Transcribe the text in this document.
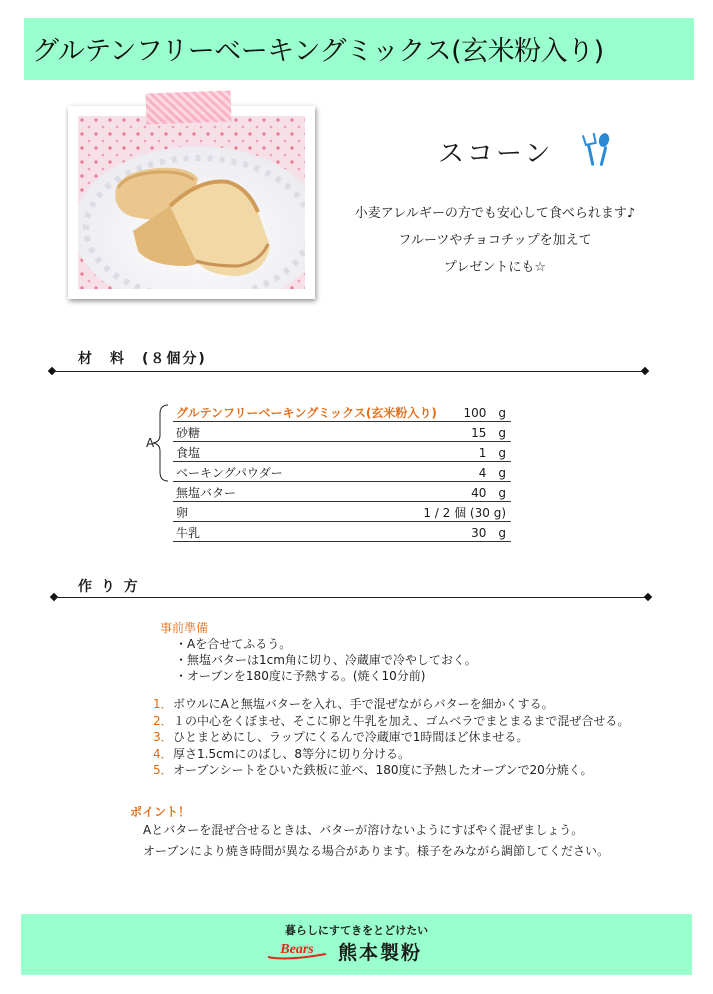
グルテンフリーベーキングミックス(玄米粉入り)
スコーン
小麦アレルギーの方でも安心して食べられます♪
フルーツやチョコチップを加えて
プレゼントにも☆
材　料　(８個分)
A
グルテンフリーベーキングミックス(玄米粉入り)	100　g
砂糖	15　g
食塩	1　g
ベーキングパウダー	4　g
無塩バター	40　g
卵	1 / 2 個 (30 g)
牛乳	30　g
作 り 方
事前準備
・Aを合せてふるう。
・無塩バターは1cm角に切り、冷蔵庫で冷やしておく。
・オーブンを180度に予熱する。(焼く10分前)
1．ボウルにAと無塩バターを入れ、手で混ぜながらバターを細かくする。
2．１の中心をくぼませ、そこに卵と牛乳を加え、ゴムベラでまとまるまで混ぜ合せる。
3．ひとまとめにし、ラップにくるんで冷蔵庫で1時間ほど休ませる。
4．厚さ1.5cmにのばし、8等分に切り分ける。
5．オーブンシートをひいた鉄板に並べ、180度に予熱したオーブンで20分焼く。
ポイント！
Aとバターを混ぜ合せるときは、バターが溶けないようにすばやく混ぜましょう。
オーブンにより焼き時間が異なる場合があります。様子をみながら調節してください。
暮らしにすてきをとどけたい
Bears 熊本製粉
